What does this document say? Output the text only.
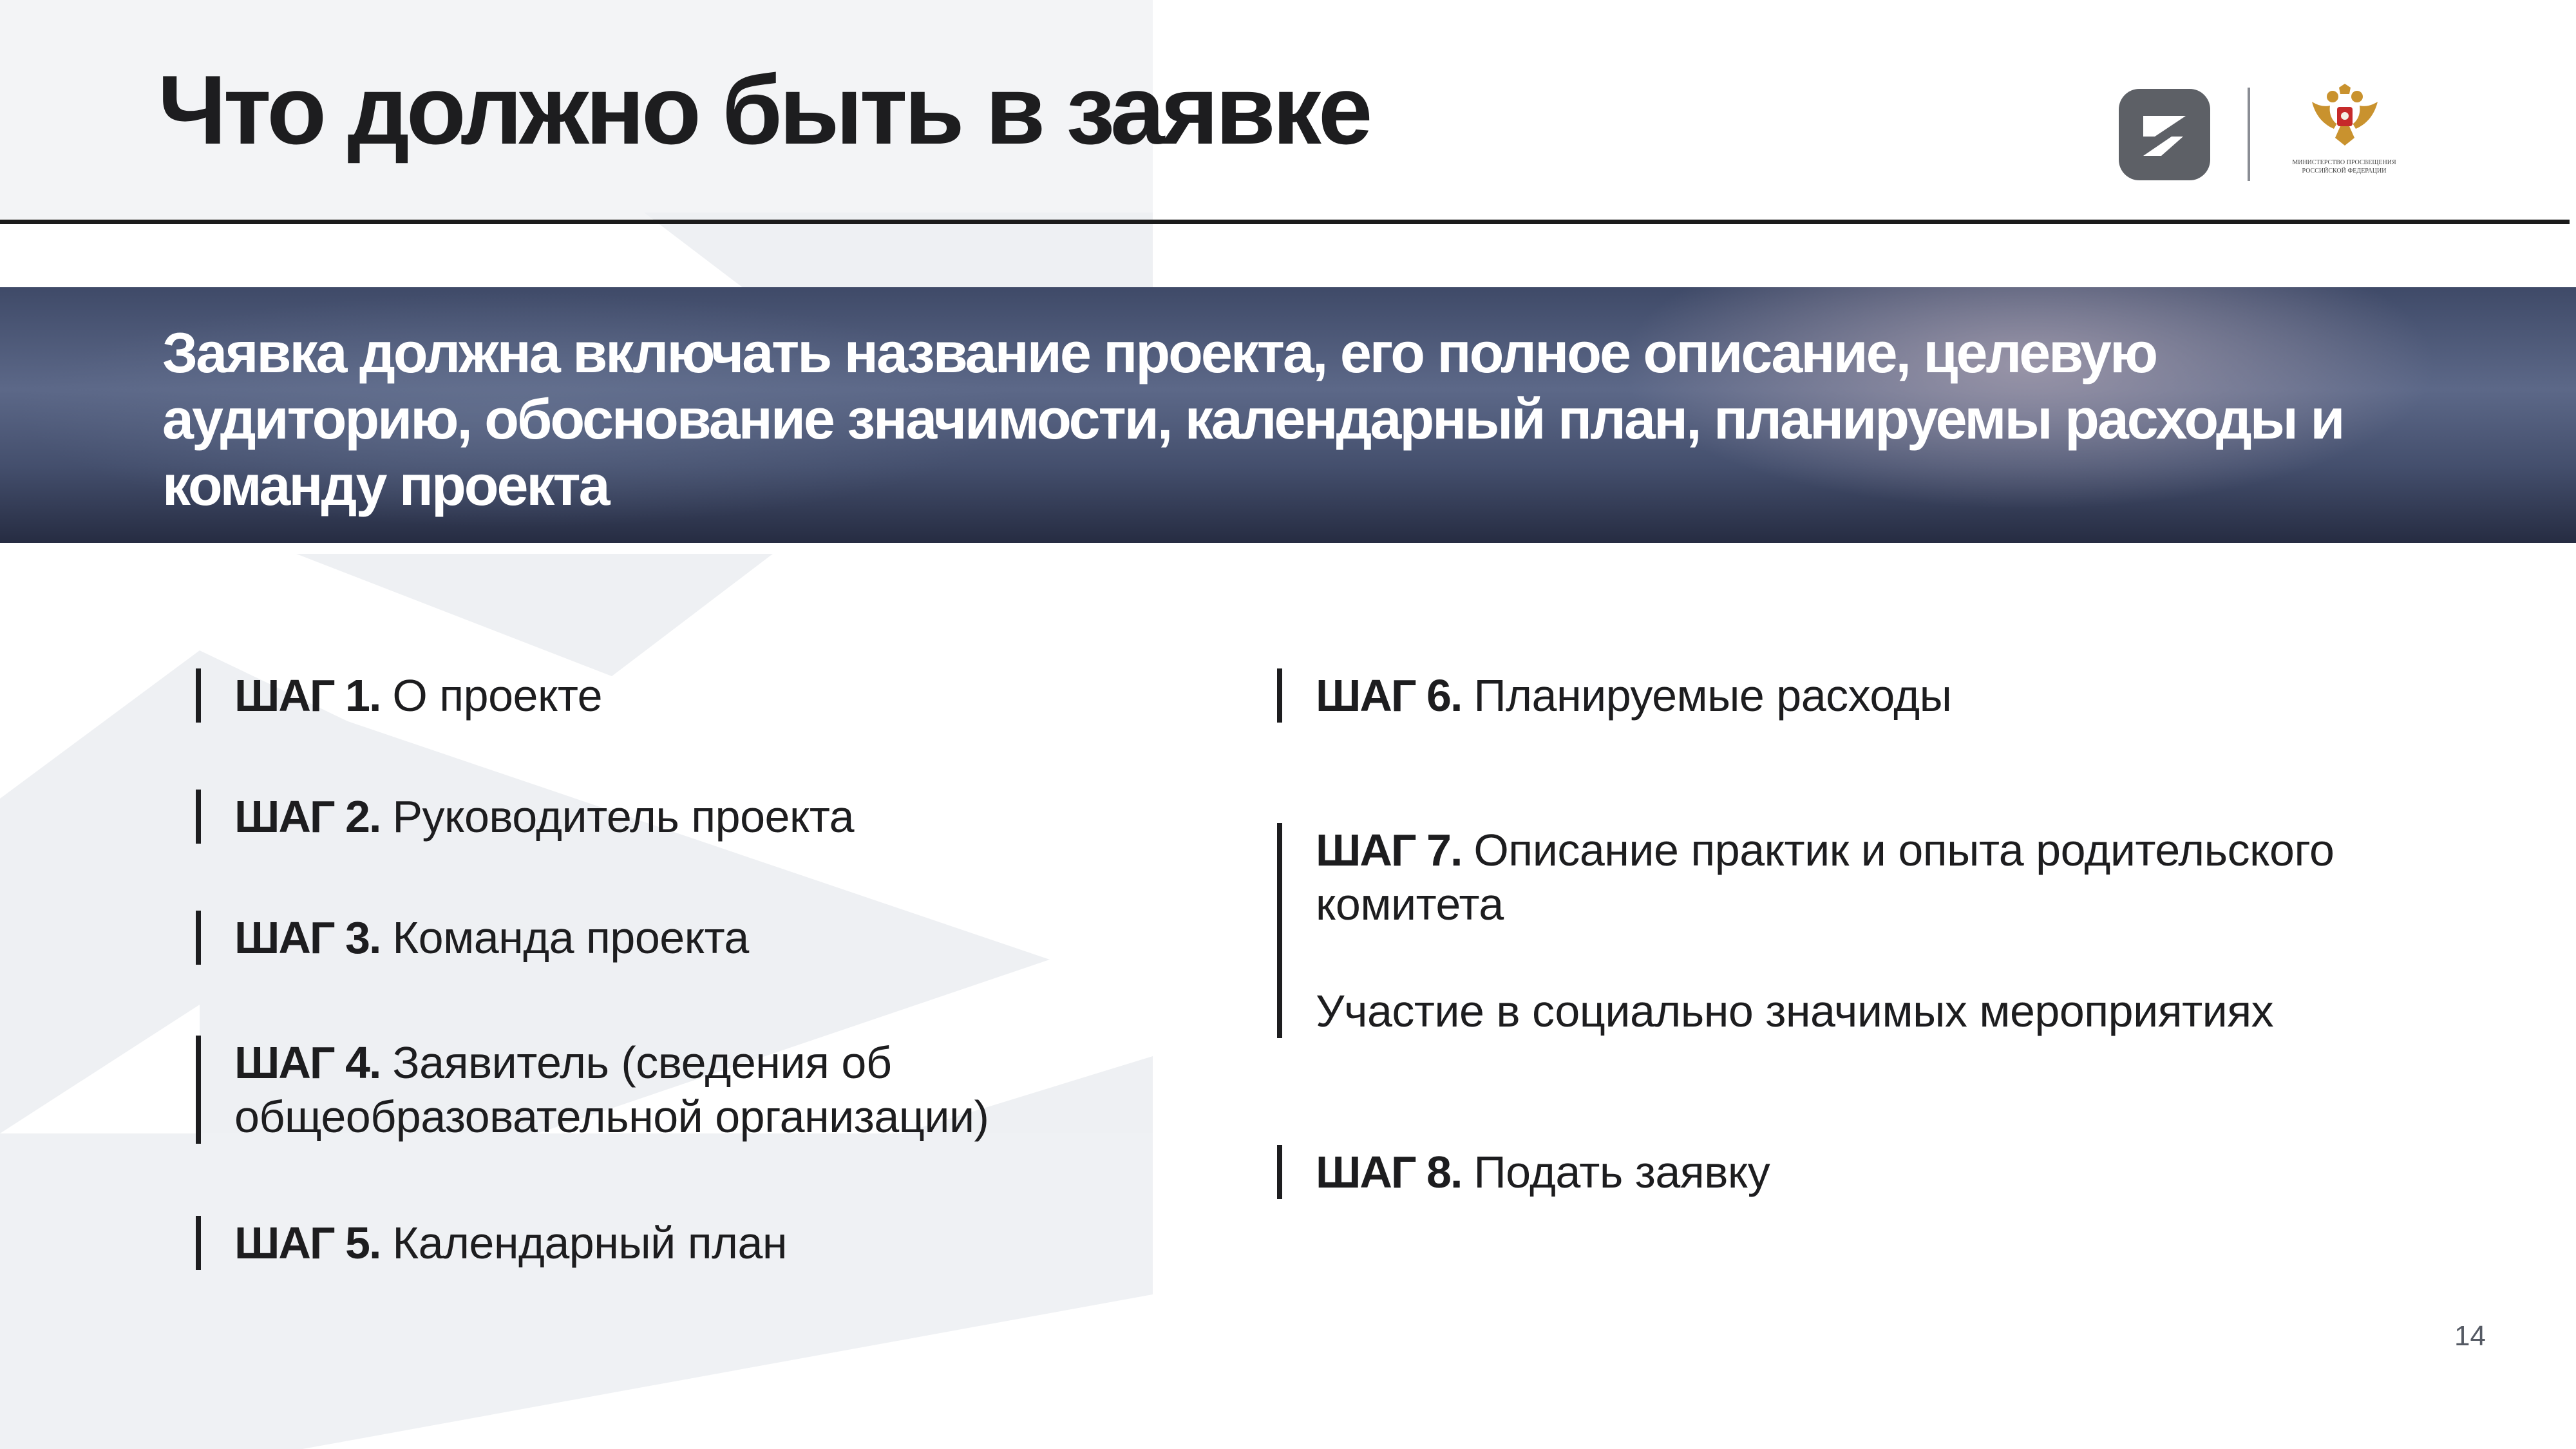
Что должно быть в заявке	МИНИСТЕРСТВО ПРОСВЕЩЕНИЯ
РОССИЙСКОЙ ФЕДЕРАЦИИ

Заявка должна включать название проекта, его полное описание, целевую аудиторию, обоснование значимости, календарный план, планируемы расходы и команду проекта

ШАГ 1. О проекте

ШАГ 2. Руководитель проекта

ШАГ 3. Команда проекта

ШАГ 4. Заявитель (сведения об общеобразовательной организации)

ШАГ 5. Календарный план

ШАГ 6. Планируемые расходы

ШАГ 7. Описание практик и опыта родительского комитета

Участие в социально значимых мероприятиях

ШАГ 8. Подать заявку

14
